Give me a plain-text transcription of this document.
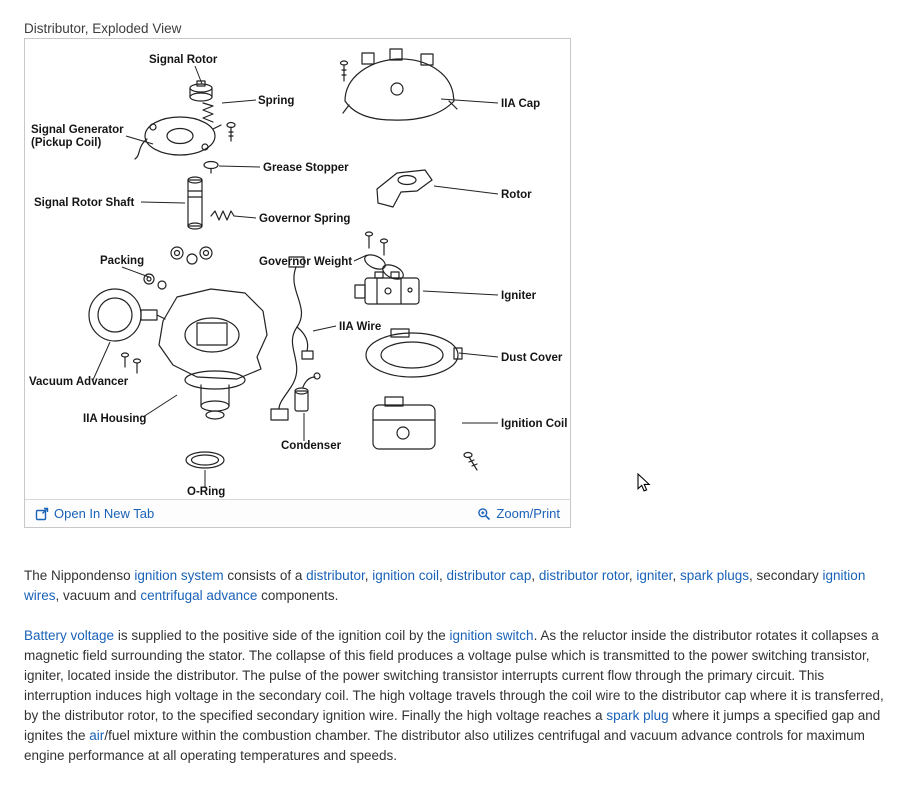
Distributor, Exploded View
Signal Rotor
Spring
Signal Generator
(Pickup Coil)
Grease Stopper
Signal Rotor Shaft
Governor Spring
Packing	Governor Weight
IIA Cap
Rotor
Igniter
IIA Wire
Dust Cover
Vacuum Advancer
IIA Housing	Ignition Coil
Condenser
O-Ring
Open In New Tab	Zoom/Print

The Nippondenso ignition system consists of a distributor, ignition coil, distributor cap, distributor rotor, igniter, spark plugs, secondary ignition wires, vacuum and centrifugal advance components.

Battery voltage is supplied to the positive side of the ignition coil by the ignition switch. As the reluctor inside the distributor rotates it collapses a magnetic field surrounding the stator. The collapse of this field produces a voltage pulse which is transmitted to the power switching transistor, igniter, located inside the distributor. The pulse of the power switching transistor interrupts current flow through the primary circuit. This interruption induces high voltage in the secondary coil. The high voltage travels through the coil wire to the distributor cap where it is transferred, by the distributor rotor, to the specified secondary ignition wire. Finally the high voltage reaches a spark plug where it jumps a specified gap and ignites the air/fuel mixture within the combustion chamber. The distributor also utilizes centrifugal and vacuum advance controls for maximum engine performance at all operating temperatures and speeds.
